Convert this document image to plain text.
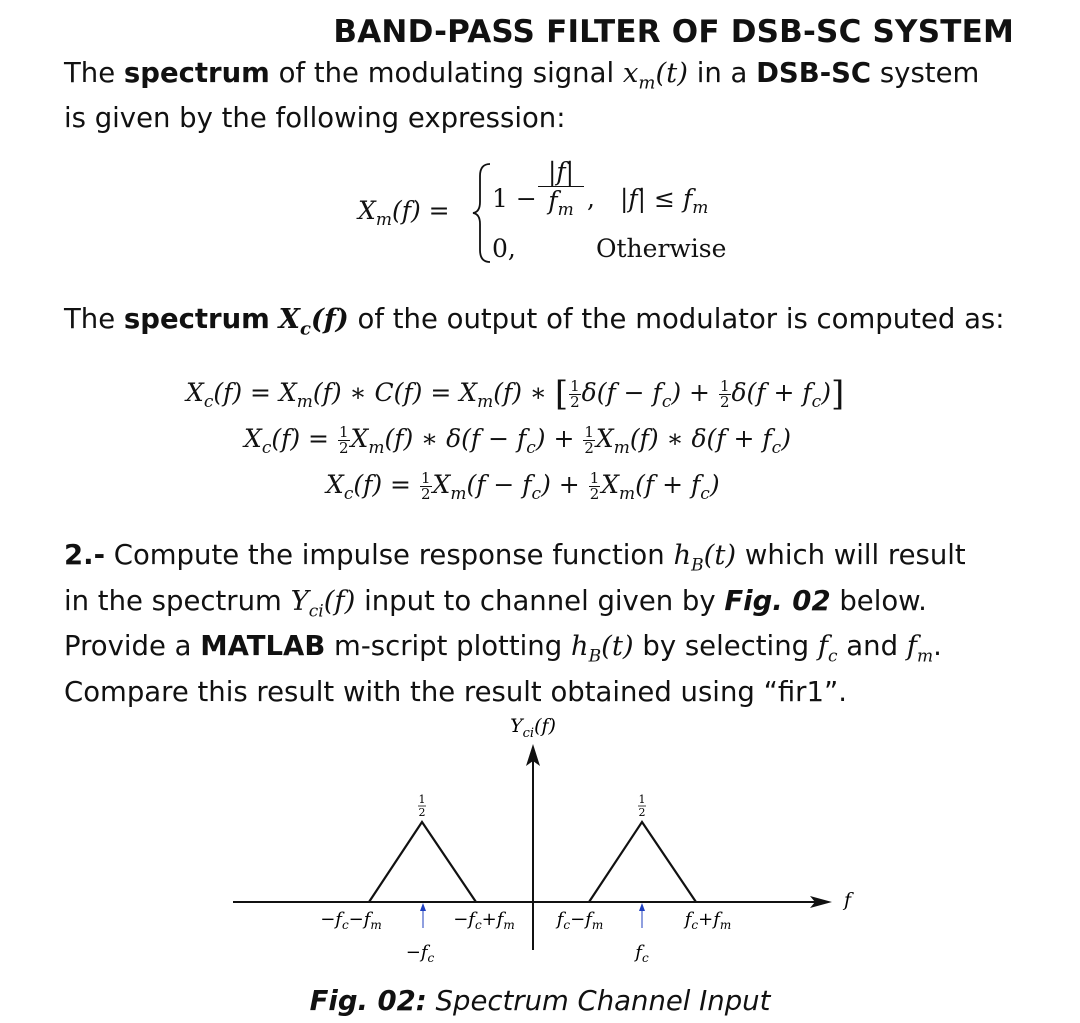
BAND-PASS FILTER OF DSB-SC SYSTEM
The spectrum of the modulating signal $x_m(t)$ in a DSB-SC system
is given by the following expression:
$X_m(f) = 1$ −
|f|
$f_m$ , $|f| \le f_m$
0,	Otherwise
The spectrum $X_c(f)$ of the output of the modulator is computed as:
$X_c(f) = X_m(f)$ ∗ $C(f) = X_m(f)$ ∗ [ $\frac{1}{2} \delta(f - f_c) + \frac{1}{2} \delta(f + f_c)$]
$X_c(f) = \frac{1}{2} X_m(f)$ ∗ $\delta(f - f_c) + \frac{1}{2} X_m(f)$ ∗ $\delta(f + f_c)$
$X_c(f) = \frac{1}{2} X_m(f - f_c) + \frac{1}{2} X_m(f + f_c)$
2.- Compute the impulse response function $h_B(t)$ which will result
in the spectrum $Y_{ci}(f)$ input to channel given by Fig. 02 below.
Provide a MATLAB m-script plotting $h_B(t)$ by selecting $f_c$ and $f_m$.
Compare this result with the result obtained using “fir1”.
$Y_{ci}(f)$
f
1
2
1
2
$-f_c-f_m$	$-f_c+f_m$ $f_c-f_m$	$f_c+f_m$
$-f_c$	$f_c$
Fig. 02: Spectrum Channel Input
